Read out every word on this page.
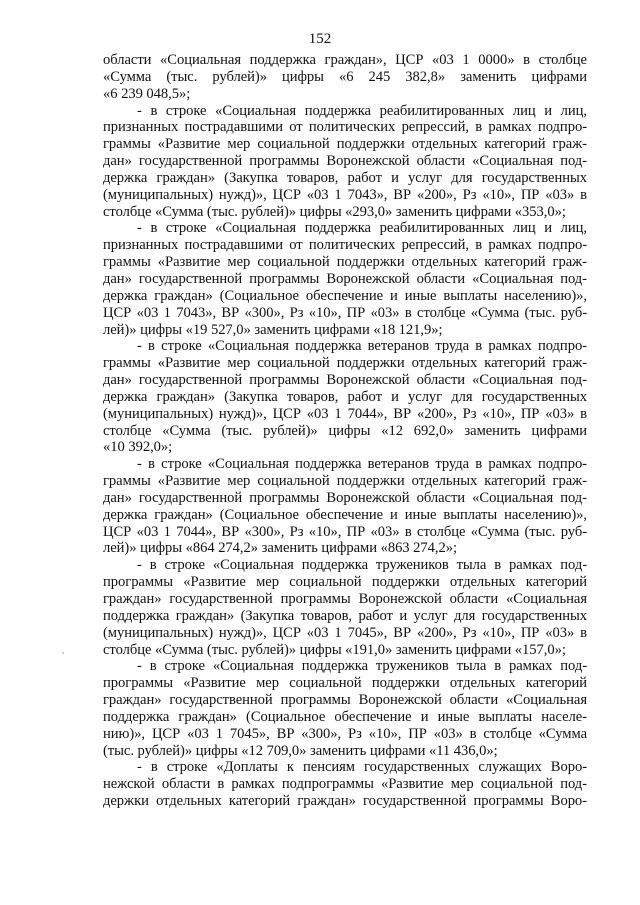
152

области «Социальная поддержка граждан», ЦСР «03 1 0000» в столбце
«Сумма (тыс. рублей)» цифры «6 245 382,8» заменить цифрами
«6 239 048,5»;

- в строке «Социальная поддержка реабилитированных лиц и лиц,
признанных пострадавшими от политических репрессий, в рамках подпро-
граммы «Развитие мер социальной поддержки отдельных категорий граж-
дан» государственной программы Воронежской области «Социальная под-
держка граждан» (Закупка товаров, работ и услуг для государственных
(муниципальных) нужд)», ЦСР «03 1 7043», ВР «200», Рз «10», ПР «03» в
столбце «Сумма (тыс. рублей)» цифры «293,0» заменить цифрами «353,0»;

- в строке «Социальная поддержка реабилитированных лиц и лиц,
признанных пострадавшими от политических репрессий, в рамках подпро-
граммы «Развитие мер социальной поддержки отдельных категорий граж-
дан» государственной программы Воронежской области «Социальная под-
держка граждан» (Социальное обеспечение и иные выплаты населению)»,
ЦСР «03 1 7043», ВР «300», Рз «10», ПР «03» в столбце «Сумма (тыс. руб-
лей)» цифры «19 527,0» заменить цифрами «18 121,9»;

- в строке «Социальная поддержка ветеранов труда в рамках подпро-
граммы «Развитие мер социальной поддержки отдельных категорий граж-
дан» государственной программы Воронежской области «Социальная под-
держка граждан» (Закупка товаров, работ и услуг для государственных
(муниципальных) нужд)», ЦСР «03 1 7044», ВР «200», Рз «10», ПР «03» в
столбце «Сумма (тыс. рублей)» цифры «12 692,0» заменить цифрами
«10 392,0»;

- в строке «Социальная поддержка ветеранов труда в рамках подпро-
граммы «Развитие мер социальной поддержки отдельных категорий граж-
дан» государственной программы Воронежской области «Социальная под-
держка граждан» (Социальное обеспечение и иные выплаты населению)»,
ЦСР «03 1 7044», ВР «300», Рз «10», ПР «03» в столбце «Сумма (тыс. руб-
лей)» цифры «864 274,2» заменить цифрами «863 274,2»;

- в строке «Социальная поддержка тружеников тыла в рамках под-
программы «Развитие мер социальной поддержки отдельных категорий
граждан» государственной программы Воронежской области «Социальная
поддержка граждан» (Закупка товаров, работ и услуг для государственных
(муниципальных) нужд)», ЦСР «03 1 7045», ВР «200», Рз «10», ПР «03» в
столбце «Сумма (тыс. рублей)» цифры «191,0» заменить цифрами «157,0»;

- в строке «Социальная поддержка тружеников тыла в рамках под-
программы «Развитие мер социальной поддержки отдельных категорий
граждан» государственной программы Воронежской области «Социальная
поддержка граждан» (Социальное обеспечение и иные выплаты населе-
нию)», ЦСР «03 1 7045», ВР «300», Рз «10», ПР «03» в столбце «Сумма
(тыс. рублей)» цифры «12 709,0» заменить цифрами «11 436,0»;

- в строке «Доплаты к пенсиям государственных служащих Воро-
нежской области в рамках подпрограммы «Развитие мер социальной под-
держки отдельных категорий граждан» государственной программы Воро-
